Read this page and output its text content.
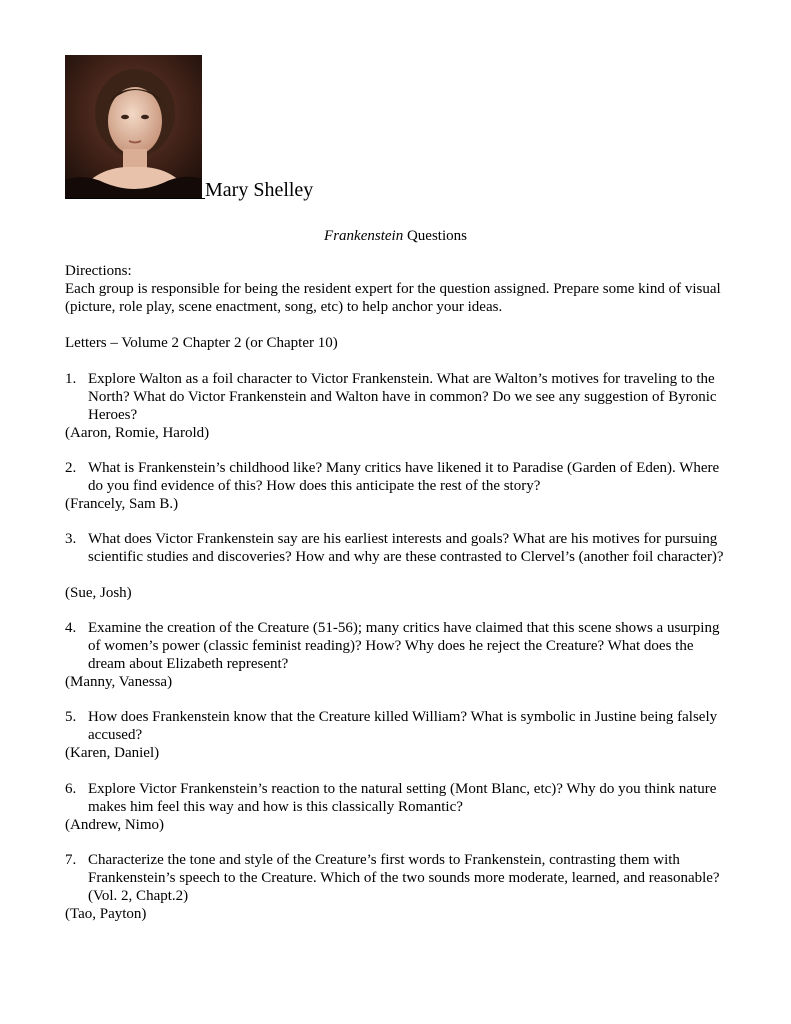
Mary Shelley
Frankenstein Questions
Directions:
Each group is responsible for being the resident expert for the question assigned. Prepare some kind of visual (picture, role play, scene enactment, song, etc) to help anchor your ideas.
Letters – Volume 2 Chapter 2 (or Chapter 10)
1. Explore Walton as a foil character to Victor Frankenstein. What are Walton’s motives for traveling to the North? What do Victor Frankenstein and Walton have in common? Do we see any suggestion of Byronic Heroes?
(Aaron, Romie, Harold)
2. What is Frankenstein’s childhood like? Many critics have likened it to Paradise (Garden of Eden). Where do you find evidence of this? How does this anticipate the rest of the story?
(Francely, Sam B.)
3. What does Victor Frankenstein say are his earliest interests and goals? What are his motives for pursuing scientific studies and discoveries? How and why are these contrasted to Clervel’s (another foil character)?
(Sue, Josh)
4. Examine the creation of the Creature (51-56); many critics have claimed that this scene shows a usurping of women’s power (classic feminist reading)? How? Why does he reject the Creature? What does the dream about Elizabeth represent?
(Manny, Vanessa)
5. How does Frankenstein know that the Creature killed William? What is symbolic in Justine being falsely accused?
(Karen, Daniel)
6. Explore Victor Frankenstein’s reaction to the natural setting (Mont Blanc, etc)? Why do you think nature makes him feel this way and how is this classically Romantic?
(Andrew, Nimo)
7. Characterize the tone and style of the Creature’s first words to Frankenstein, contrasting them with Frankenstein’s speech to the Creature. Which of the two sounds more moderate, learned, and reasonable? (Vol. 2, Chapt.2)
(Tao, Payton)
